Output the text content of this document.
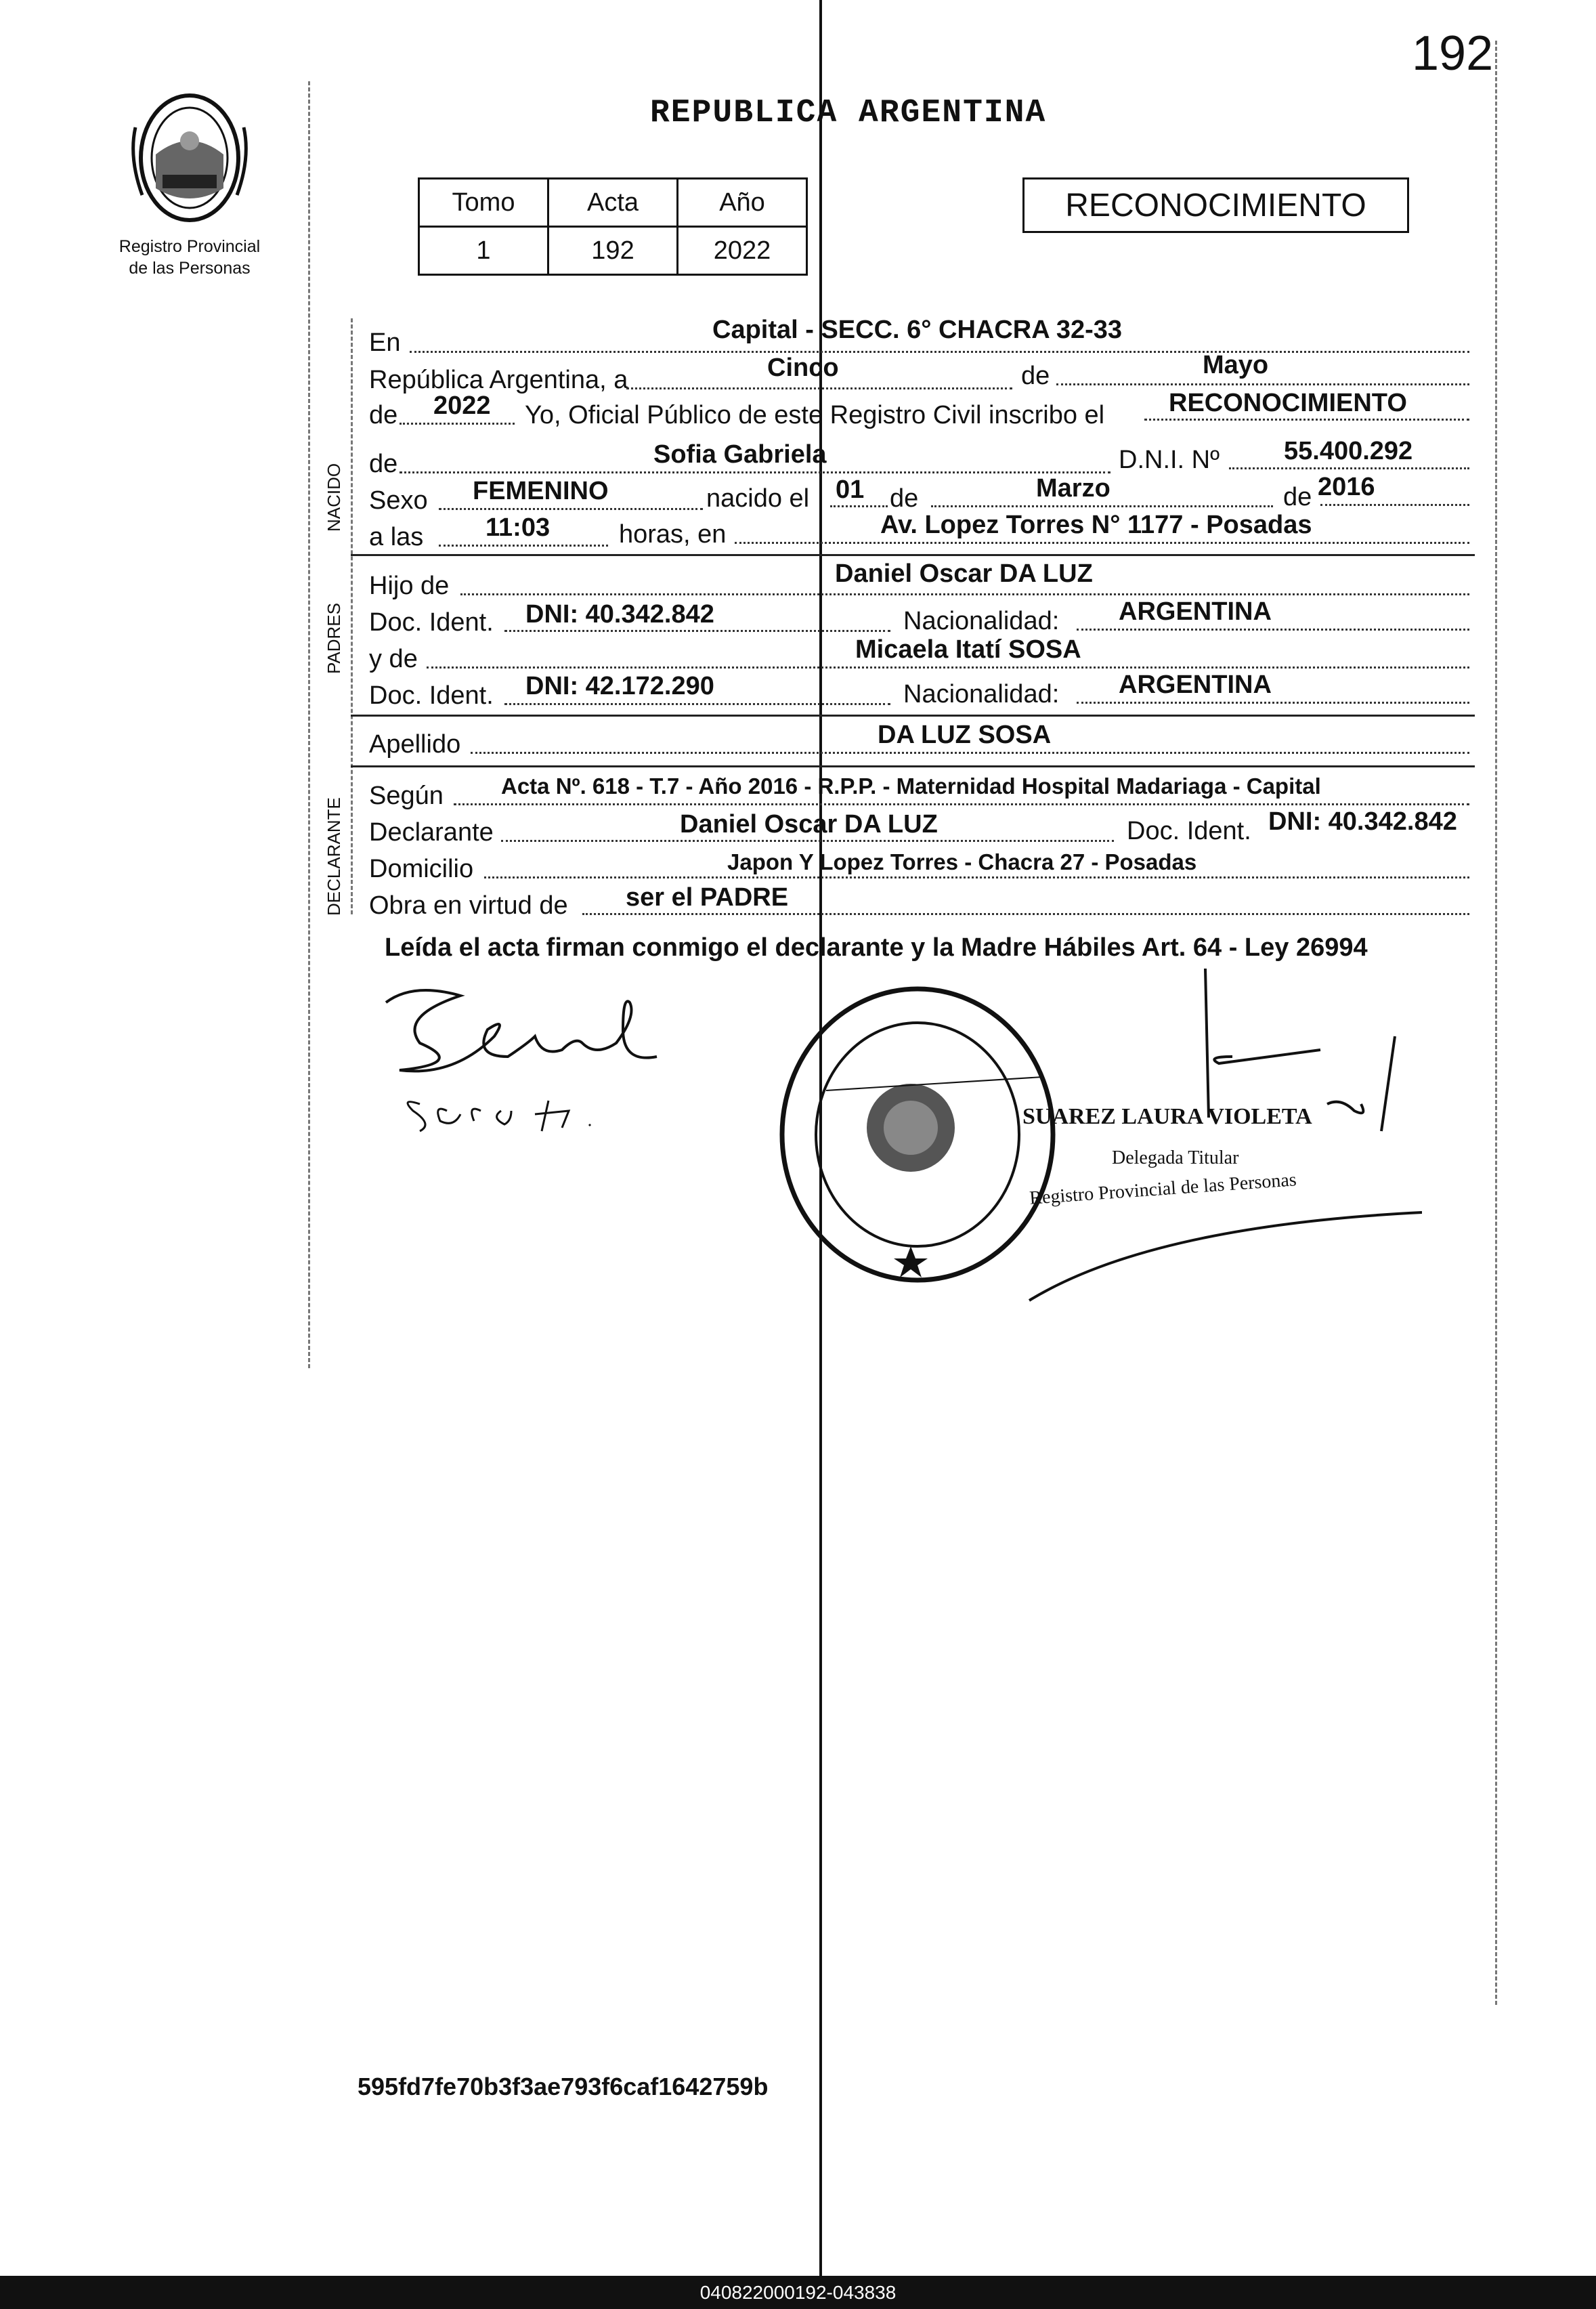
192
REPUBLICA ARGENTINA
Registro Provincial
de las Personas
Tomo	Acta	Año
1	192	2022
RECONOCIMIENTO
NACIDO
PADRES
DECLARANTE
En	Capital - SECC. 6° CHACRA 32-33
República Argentina, a	Cinco	de	Mayo
de 2022 Yo, Oficial Público de este Registro Civil inscribo el RECONOCIMIENTO
de	Sofia Gabriela	D.N.I. Nº	55.400.292
Sexo FEMENINO	nacido el 01 de	Marzo	de 2016
a las 11:03	horas, en	Av. Lopez Torres N° 1177 - Posadas
Hijo de	Daniel Oscar DA LUZ
Doc. Ident. DNI: 40.342.842	Nacionalidad: ARGENTINA
y de	Micaela Itatí SOSA
Doc. Ident. DNI: 42.172.290	Nacionalidad: ARGENTINA
Apellido	DA LUZ SOSA
Según	Acta Nº. 618 - T.7 - Año 2016 - R.P.P. - Maternidad Hospital Madariaga - Capital
Declarante	Daniel Oscar DA LUZ	Doc. Ident. DNI: 40.342.842
Domicilio	Japon Y Lopez Torres - Chacra 27 - Posadas
Obra en virtud de ser el PADRE
Leída el acta firman conmigo el declarante y la Madre Hábiles Art. 64 - Ley 26994
SUAREZ LAURA VIOLETA
Delegada Titular
Registro Provincial de las Personas
595fd7fe70b3f3ae793f6caf1642759b
040822000192-043838
